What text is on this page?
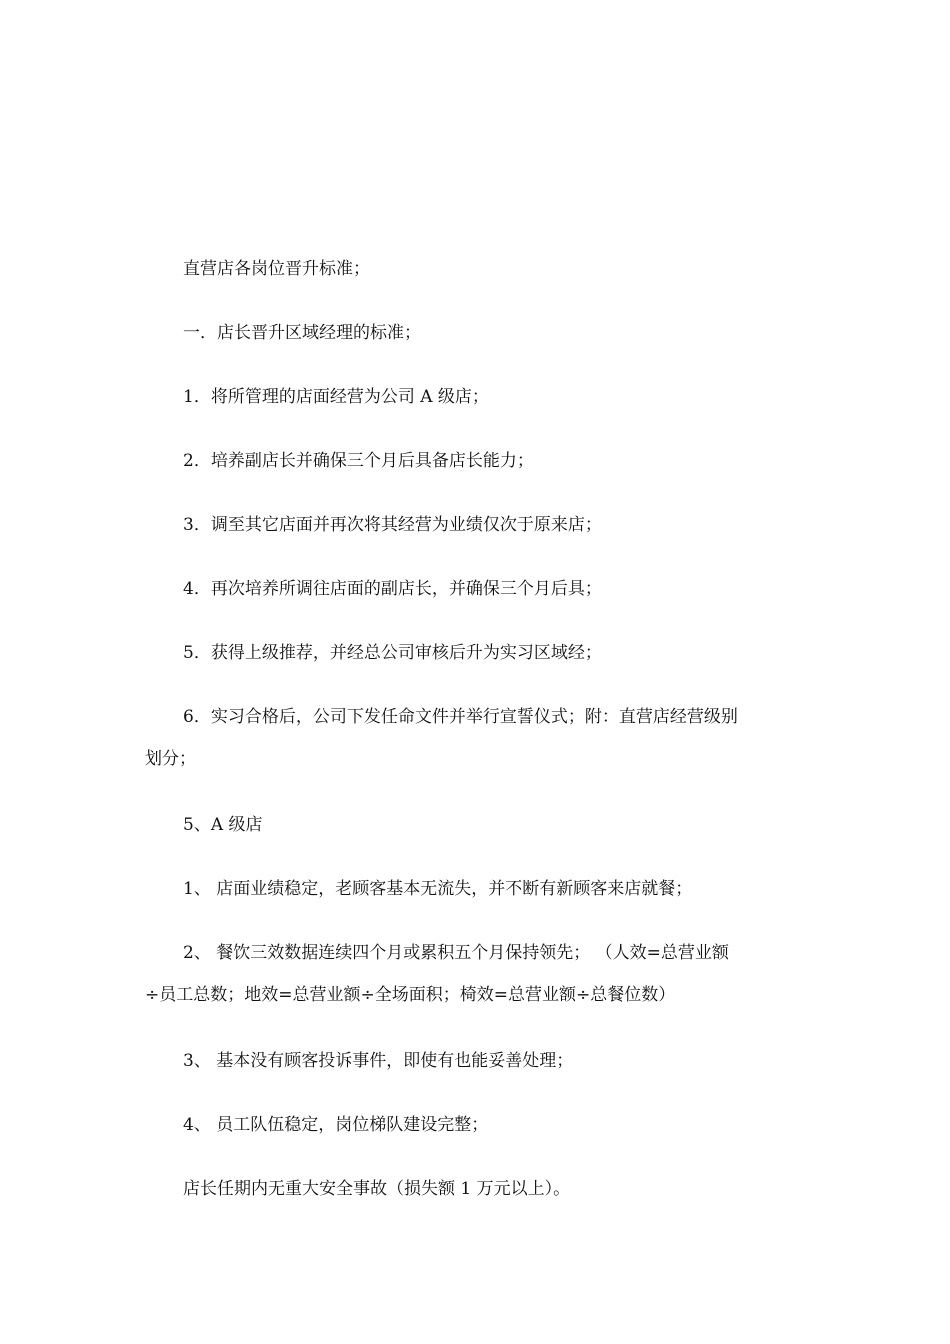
直营店各岗位晋升标准；
一．店长晋升区域经理的标准；
1．将所管理的店面经营为公司 A 级店；
2．培养副店长并确保三个月后具备店长能力；
3．调至其它店面并再次将其经营为业绩仅次于原来店；
4．再次培养所调往店面的副店长，并确保三个月后具；
5．获得上级推荐，并经总公司审核后升为实习区域经；
6．实习合格后，公司下发任命文件并举行宣誓仪式；附：直营店经营级别
划分；
5、A 级店
1、 店面业绩稳定，老顾客基本无流失，并不断有新顾客来店就餐；
2、 餐饮三效数据连续四个月或累积五个月保持领先； （人效=总营业额
÷员工总数；地效=总营业额÷全场面积；椅效=总营业额÷总餐位数）
3、 基本没有顾客投诉事件，即使有也能妥善处理；
4、 员工队伍稳定，岗位梯队建设完整；
店长任期内无重大安全事故（损失额 1 万元以上）。
